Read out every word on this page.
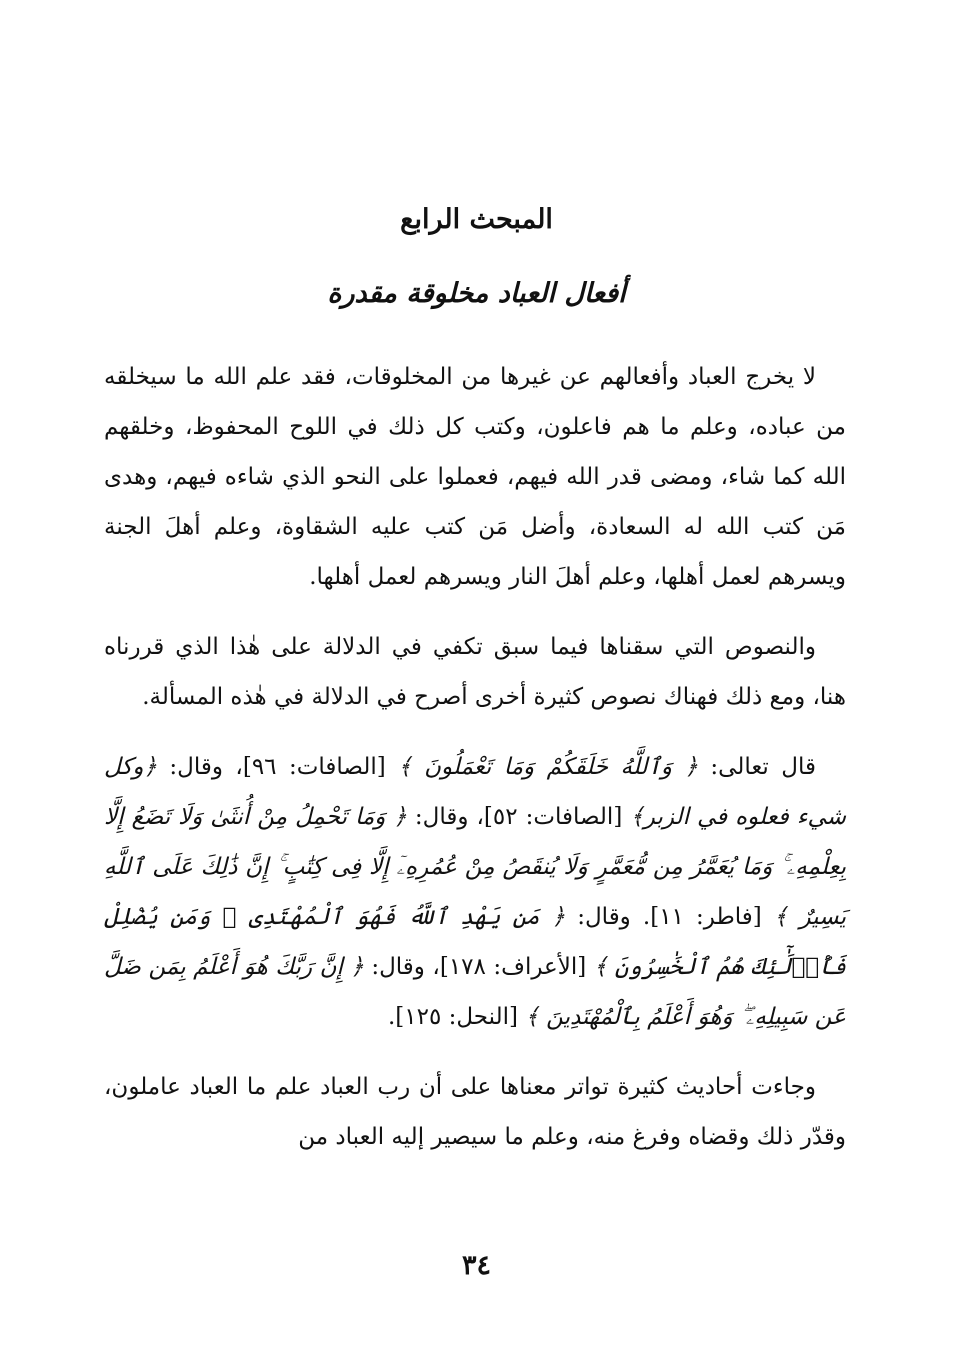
المبحث الرابع
أفعال العباد مخلوقة مقدرة

لا يخرج العباد وأفعالهم عن غيرها من المخلوقات، فقد علم الله ما سيخلقه من عباده، وعلم ما هم فاعلون، وكتب كل ذلك في اللوح المحفوظ، وخلقهم الله كما شاء، ومضى قدر الله فيهم، فعملوا على النحو الذي شاءه فيهم، وهدى مَن كتب الله له السعادة، وأضل مَن كتب عليه الشقاوة، وعلم أهلَ الجنة ويسرهم لعمل أهلها، وعلم أهلَ النار ويسرهم لعمل أهلها.

والنصوص التي سقناها فيما سبق تكفي في الدلالة على هٰذا الذي قررناه هنا، ومع ذلك فهناك نصوص كثيرة أخرى أصرح في الدلالة في هٰذه المسألة.

قال تعالى: ﴿ وَٱللَّهُ خَلَقَكُمْ وَمَا تَعْمَلُونَ ﴾ [الصافات: ٩٦]، وقال: ﴿وكل شيء فعلوه في الزبر﴾ [الصافات: ٥٢]، وقال: ﴿ وَمَا تَحْمِلُ مِنْ أُنثَىٰ وَلَا تَضَعُ إِلَّا بِعِلْمِهِۦ ۚ وَمَا يُعَمَّرُ مِن مُّعَمَّرٍ وَلَا يُنقَصُ مِنْ عُمُرِهِۦٓ إِلَّا فِى كِتَٰبٍ ۚ إِنَّ ذَٰلِكَ عَلَى ٱللَّهِ يَسِيرٌ ﴾ [فاطر: ١١]. وقال: ﴿ مَن يَهْدِ ٱللَّهُ فَهُوَ ٱلْمُهْتَدِى ۖ وَمَن يُضْلِلْ فَأُو۟لَٰٓئِكَ هُمُ ٱلْخَٰسِرُونَ ﴾ [الأعراف: ١٧٨]، وقال: ﴿ إِنَّ رَبَّكَ هُوَ أَعْلَمُ بِمَن ضَلَّ عَن سَبِيلِهِۦ ۖ وَهُوَ أَعْلَمُ بِٱلْمُهْتَدِينَ ﴾ [النحل: ١٢٥].

وجاءت أحاديث كثيرة تواتر معناها على أن رب العباد علم ما العباد عاملون، وقدّر ذلك وقضاه وفرغ منه، وعلم ما سيصير إليه العباد من

٣٤
